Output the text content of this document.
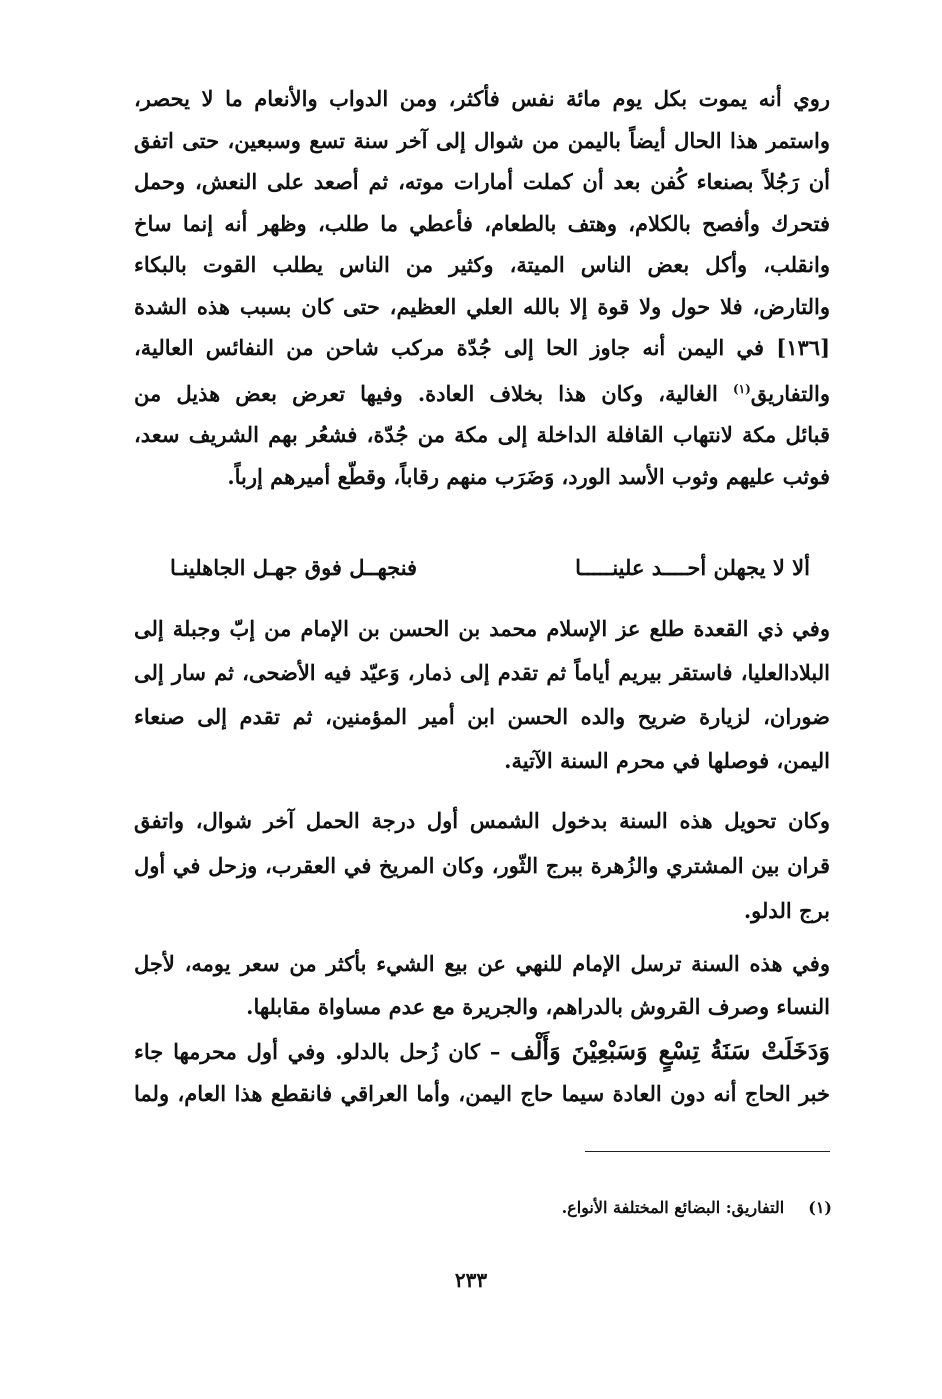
روي أنه يموت بكل يوم مائة نفس فأكثر، ومن الدواب والأنعام ما لا يحصر،
واستمر هذا الحال أيضاً باليمن من شوال إلى آخر سنة تسع وسبعين، حتى اتفق
أن رَجُلاً بصنعاء كُفن بعد أن كملت أمارات موته، ثم أصعد على النعش، وحمل
فتحرك وأفصح بالكلام، وهتف بالطعام، فأعطي ما طلب، وظهر أنه إنما ساخ
وانقلب، وأكل بعض الناس الميتة، وكثير من الناس يطلب القوت بالبكاء
والتارض، فلا حول ولا قوة إلا بالله العلي العظيم، حتى كان بسبب هذه الشدة
[١٣٦] في اليمن أنه جاوز الحا إلى جُدّة مركب شاحن من النفائس العالية،
والتفاريق$^{(١)}$ الغالية، وكان هذا بخلاف العادة. وفيها تعرض بعض هذيل من
قبائل مكة لانتهاب القافلة الداخلة إلى مكة من جُدّة، فشعُر بهم الشريف سعد،
فوثب عليهم وثوب الأسد الورد، وَضَرَب منهم رقاباً، وقطّع أميرهم إرباً.
ألا لا يجهلن أحــــد علينـــــا
فنجهــل فوق جهـل الجاهلينـا
وفي ذي القعدة طلع عز الإسلام محمد بن الحسن بن الإمام من إبّ وجبلة إلى
البلادالعليا، فاستقر بيريم أياماً ثم تقدم إلى ذمار، وَعيّد فيه الأضحى، ثم سار إلى
ضوران، لزيارة ضريح والده الحسن ابن أمير المؤمنين، ثم تقدم إلى صنعاء
اليمن، فوصلها في محرم السنة الآتية.
وكان تحويل هذه السنة بدخول الشمس أول درجة الحمل آخر شوال، واتفق
قران بين المشتري والزُهرة ببرج الثّور، وكان المريخ في العقرب، وزحل في أول
برج الدلو.
وفي هذه السنة ترسل الإمام للنهي عن بيع الشيء بأكثر من سعر يومه، لأجل
النساء وصرف القروش بالدراهم، والجريرة مع عدم مساواة مقابلها.
وَدَخَلَتْ سَنَةُ تِسْعٍ وَسَبْعِيْنَ وَأَلْف – كان زُحل بالدلو. وفي أول محرمها جاء
خبر الحاج أنه دون العادة سيما حاج اليمن، وأما العراقي فانقطع هذا العام، ولما
(١)التفاريق: البضائع المختلفة الأنواع.
٢٣٣
